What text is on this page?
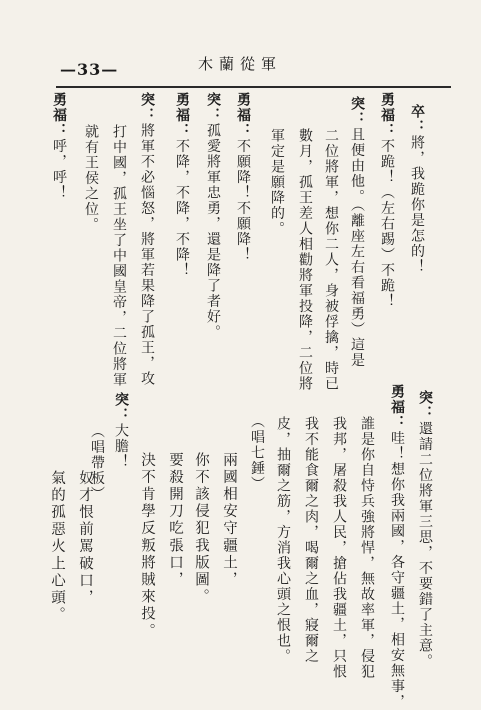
—33—	木蘭從軍
卒：將，我跪你是怎的！
勇福：不跪！（左右踢）不跪！
突：且便由他。（離座左右看福勇）這是
二位將軍，想你二人，身被俘擒，時已
數月，孤王差人相勸將軍投降，二位將
軍定是願降的。
勇福：不願降！不願降！
突：孤愛將軍忠勇，還是降了者好。
勇福：不降，不降，不降！
突：將軍不必惱怒，將軍若果降了孤王，攻
打中國，孤王坐了中國皇帝，二位將軍
就有王侯之位。
勇福：呼，呼！
突：還請二位將軍三思，不要錯了主意。
勇福：哇！想你我兩國，各守疆土，相安無事，
誰是你自恃兵強將悍，無故率軍，侵犯
我邦，屠殺我人民，搶佔我疆土，只恨
我不能食爾之肉，喝爾之血，寢爾之
皮，抽爾之筋，方消我心頭之恨也。
（唱七錘）
兩國相安守疆土，
你不該侵犯我版圖。
要殺開刀吃張口，
決不肯學反叛將賊來投。
突：大膽！
（唱帶板）
奴才恨前罵破口，
氣的孤惡火上心頭。
